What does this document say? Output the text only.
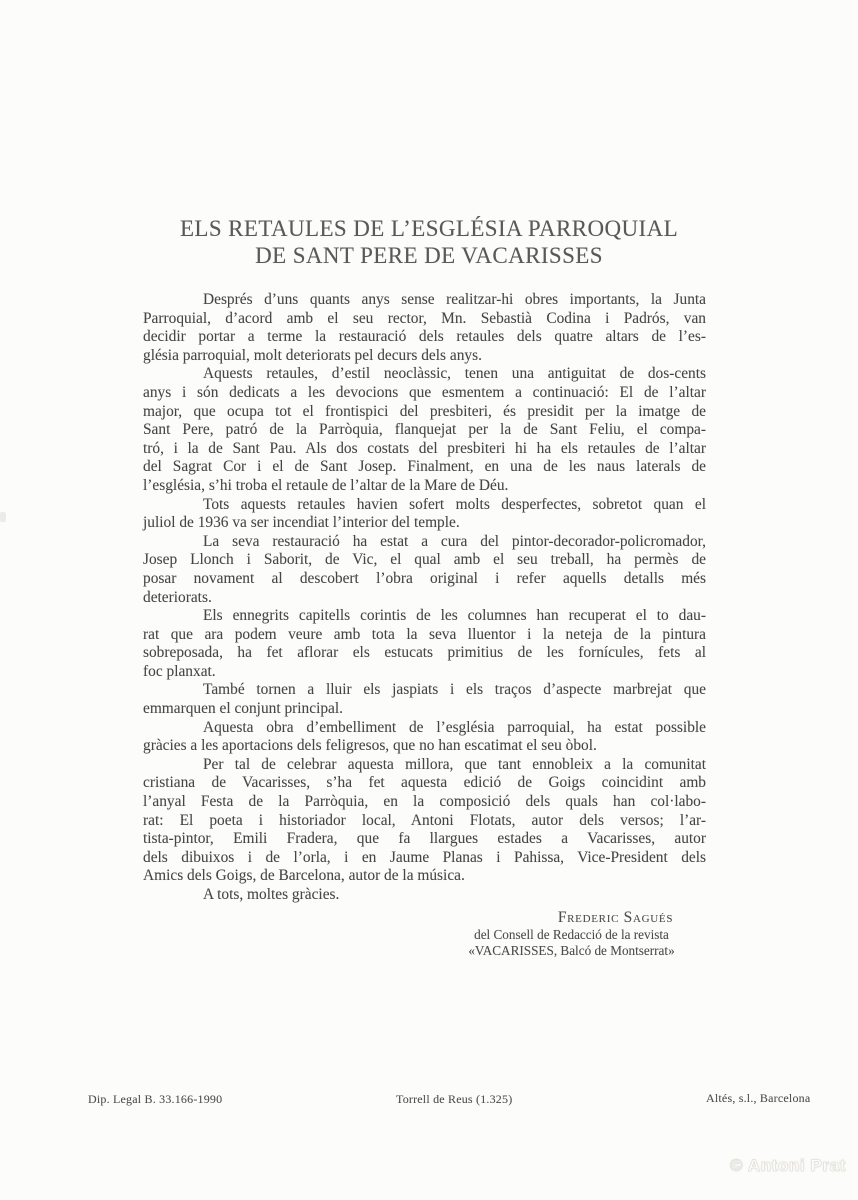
ELS RETAULES DE L’ESGLÉSIA PARROQUIAL
DE SANT PERE DE VACARISSES
Després d’uns quants anys sense realitzar-hi obres importants, la Junta
Parroquial, d’acord amb el seu rector, Mn. Sebastià Codina i Padrós, van
decidir portar a terme la restauració dels retaules dels quatre altars de l’es-
glésia parroquial, molt deteriorats pel decurs dels anys.
Aquests retaules, d’estil neoclàssic, tenen una antiguitat de dos-cents
anys i són dedicats a les devocions que esmentem a continuació: El de l’altar
major, que ocupa tot el frontispici del presbiteri, és presidit per la imatge de
Sant Pere, patró de la Parròquia, flanquejat per la de Sant Feliu, el compa-
tró, i la de Sant Pau. Als dos costats del presbiteri hi ha els retaules de l’altar
del Sagrat Cor i el de Sant Josep. Finalment, en una de les naus laterals de
l’església, s’hi troba el retaule de l’altar de la Mare de Déu.
Tots aquests retaules havien sofert molts desperfectes, sobretot quan el
juliol de 1936 va ser incendiat l’interior del temple.
La seva restauració ha estat a cura del pintor-decorador-policromador,
Josep Llonch i Saborit, de Vic, el qual amb el seu treball, ha permès de
posar novament al descobert l’obra original i refer aquells detalls més
deteriorats.
Els ennegrits capitells corintis de les columnes han recuperat el to dau-
rat que ara podem veure amb tota la seva lluentor i la neteja de la pintura
sobreposada, ha fet aflorar els estucats primitius de les fornícules, fets al
foc planxat.
També tornen a lluir els jaspiats i els traços d’aspecte marbrejat que
emmarquen el conjunt principal.
Aquesta obra d’embelliment de l’església parroquial, ha estat possible
gràcies a les aportacions dels feligresos, que no han escatimat el seu òbol.
Per tal de celebrar aquesta millora, que tant ennobleix a la comunitat
cristiana de Vacarisses, s’ha fet aquesta edició de Goigs coincidint amb
l’anyal Festa de la Parròquia, en la composició dels quals han col·labo-
rat: El poeta i historiador local, Antoni Flotats, autor dels versos; l’ar-
tista-pintor, Emili Fradera, que fa llargues estades a Vacarisses, autor
dels dibuixos i de l’orla, i en Jaume Planas i Pahissa, Vice-President dels
Amics dels Goigs, de Barcelona, autor de la música.
A tots, moltes gràcies.
Frederic Sagués
del Consell de Redacció de la revista
«VACARISSES, Balcó de Montserrat»
Dip. Legal B. 33.166-1990	Torrell de Reus (1.325)	Altés, s.l., Barcelona
© Antoni Prat
